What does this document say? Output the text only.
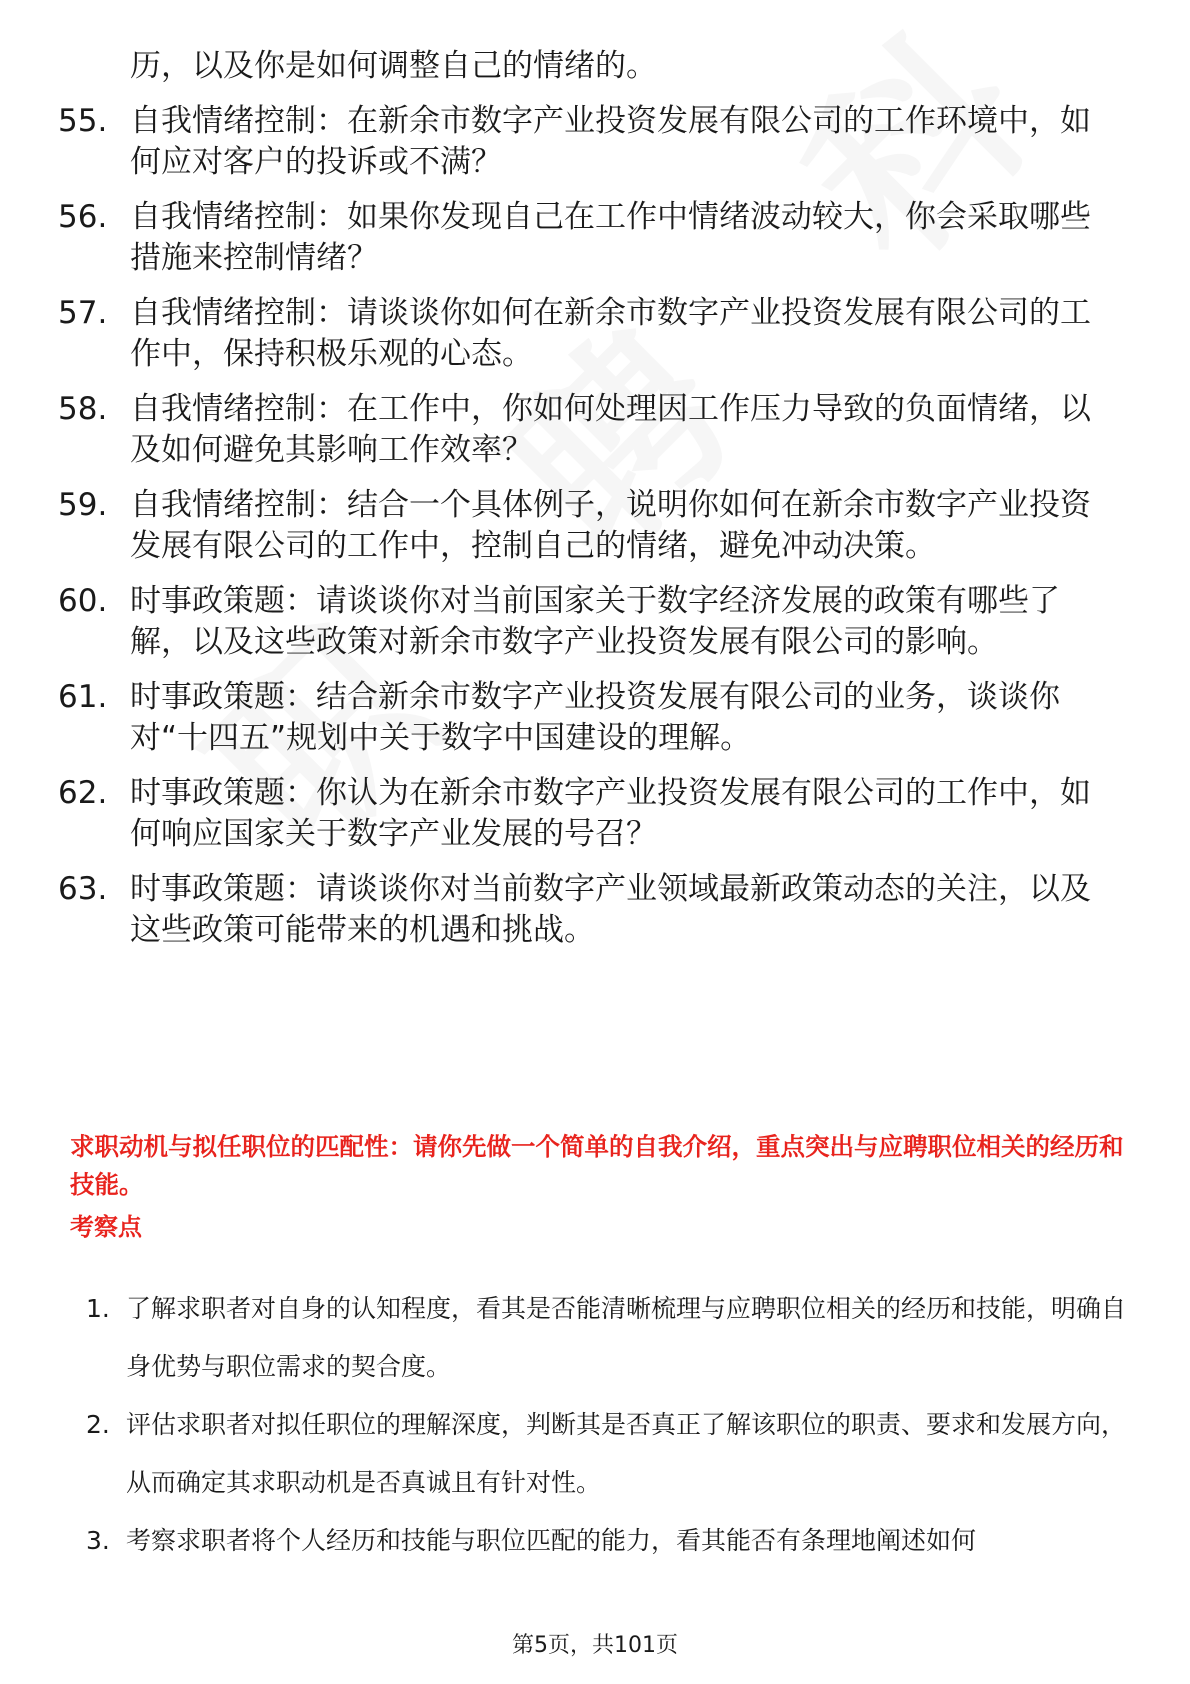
历，以及你是如何调整自己的情绪的。
55. 自我情绪控制：在新余市数字产业投资发展有限公司的工作环境中，如何应对客户的投诉或不满？
56. 自我情绪控制：如果你发现自己在工作中情绪波动较大，你会采取哪些措施来控制情绪？
57. 自我情绪控制：请谈谈你如何在新余市数字产业投资发展有限公司的工作中，保持积极乐观的心态。
58. 自我情绪控制：在工作中，你如何处理因工作压力导致的负面情绪，以及如何避免其影响工作效率？
59. 自我情绪控制：结合一个具体例子，说明你如何在新余市数字产业投资发展有限公司的工作中，控制自己的情绪，避免冲动决策。
60. 时事政策题：请谈谈你对当前国家关于数字经济发展的政策有哪些了解，以及这些政策对新余市数字产业投资发展有限公司的影响。
61. 时事政策题：结合新余市数字产业投资发展有限公司的业务，谈谈你对“十四五”规划中关于数字中国建设的理解。
62. 时事政策题：你认为在新余市数字产业投资发展有限公司的工作中，如何响应国家关于数字产业发展的号召？
63. 时事政策题：请谈谈你对当前数字产业领域最新政策动态的关注，以及这些政策可能带来的机遇和挑战。
求职动机与拟任职位的匹配性：请你先做一个简单的自我介绍，重点突出与应聘职位相关的经历和技能。
考察点
1. 了解求职者对自身的认知程度，看其是否能清晰梳理与应聘职位相关的经历和技能，明确自身优势与职位需求的契合度。
2. 评估求职者对拟任职位的理解深度，判断其是否真正了解该职位的职责、要求和发展方向，从而确定其求职动机是否真诚且有针对性。
3. 考察求职者将个人经历和技能与职位匹配的能力，看其能否有条理地阐述如何
第5页，共101页
